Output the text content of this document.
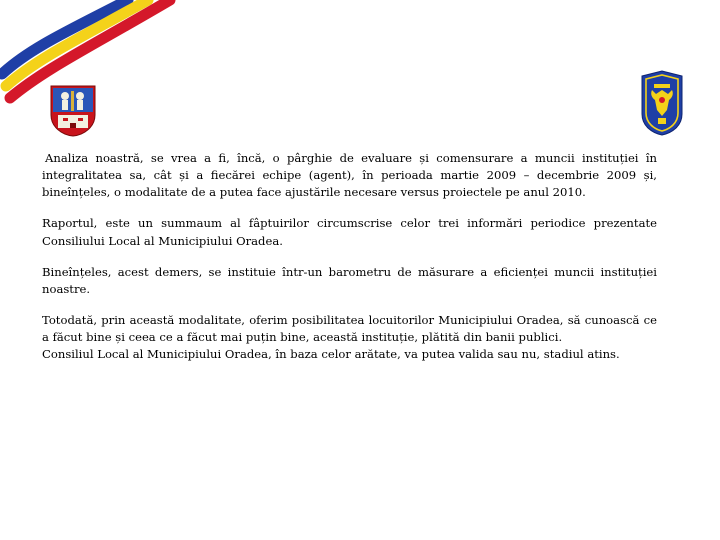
Analiza noastră, se vrea a fi, încă, o pârghie de evaluare și comensurare a muncii instituției în integralitatea sa, cât și a fiecărei echipe (agent), în perioada martie 2009 – decembrie 2009 și, bineînțeles, o modalitate de a putea face ajustările necesare versus proiectele pe anul 2010.

Raportul, este un summaum al fâptuirilor circumscrise celor trei informări periodice prezentate Consiliului Local al Municipiului Oradea.

Bineînțeles, acest demers, se instituie într-un barometru de măsurare a eficienței muncii instituției noastre.

Totodată, prin această modalitate, oferim posibilitatea locuitorilor Municipiului Oradea, să cunoască ce a făcut bine și ceea ce a făcut mai puțin bine, această instituție, plătită din banii publici.

Consiliul Local al Municipiului Oradea, în baza celor arătate, va putea valida sau nu, stadiul atins.
